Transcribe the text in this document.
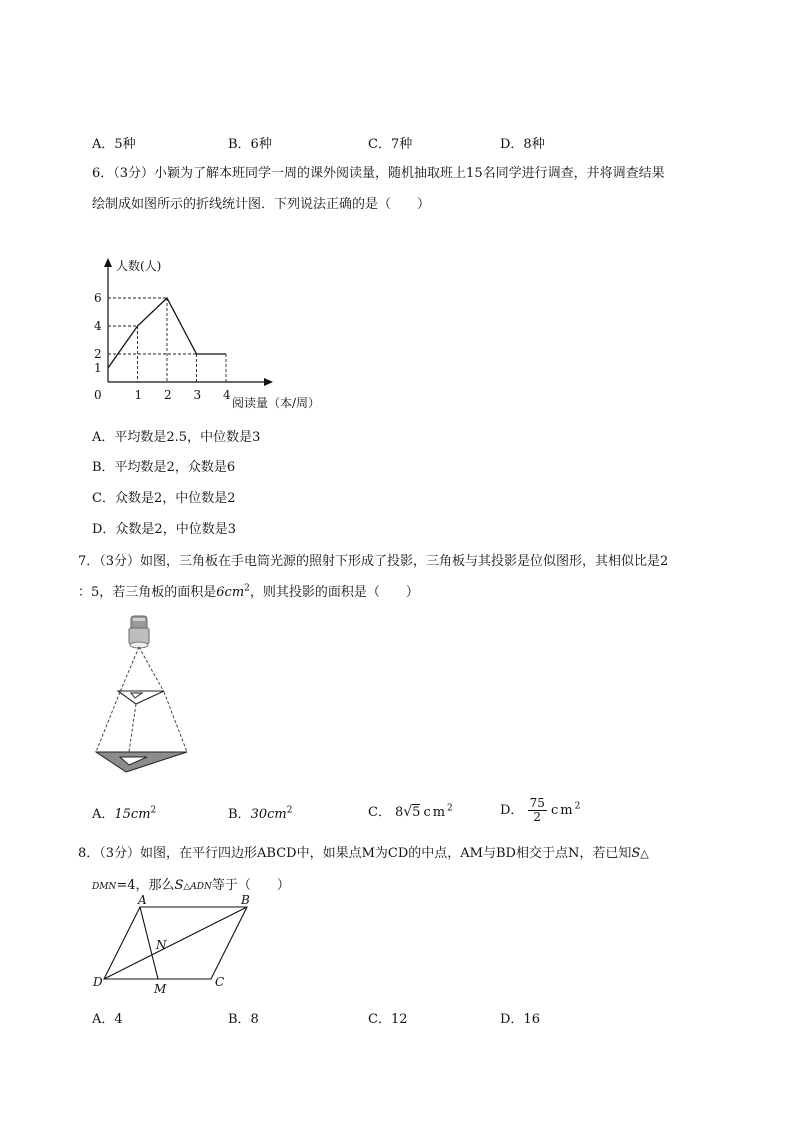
A．5种	B．6种	C．7种	D．8种
6．（3分）小颖为了解本班同学一周的课外阅读量，随机抽取班上15名同学进行调查，并将调查结果
绘制成如图所示的折线统计图．下列说法正确的是（　　）
1 2 3 4
1
2
4
6
0
人数(人)
阅读量（本/周）
A．平均数是2.5，中位数是3
B．平均数是2，众数是6
C．众数是2，中位数是2
D．众数是2，中位数是3
7．（3分）如图，三角板在手电筒光源的照射下形成了投影，三角板与其投影是位似图形，其相似比是2
：5，若三角板的面积是$6cm^2$，则其投影的面积是（　　）
A．$15cm^2$	B．$30cm^2$	C． 8√5 $cm^2$	D． $\frac{75}{2} cm^2$
8．（3分）如图，在平行四边形ABCD中，如果点M为CD的中点，AM与BD相交于点N，若已知S△
DMN=4，那么S△ADN等于（　　）
A	B
C
D	M
N
A．4	B．8	C．12	D．16
